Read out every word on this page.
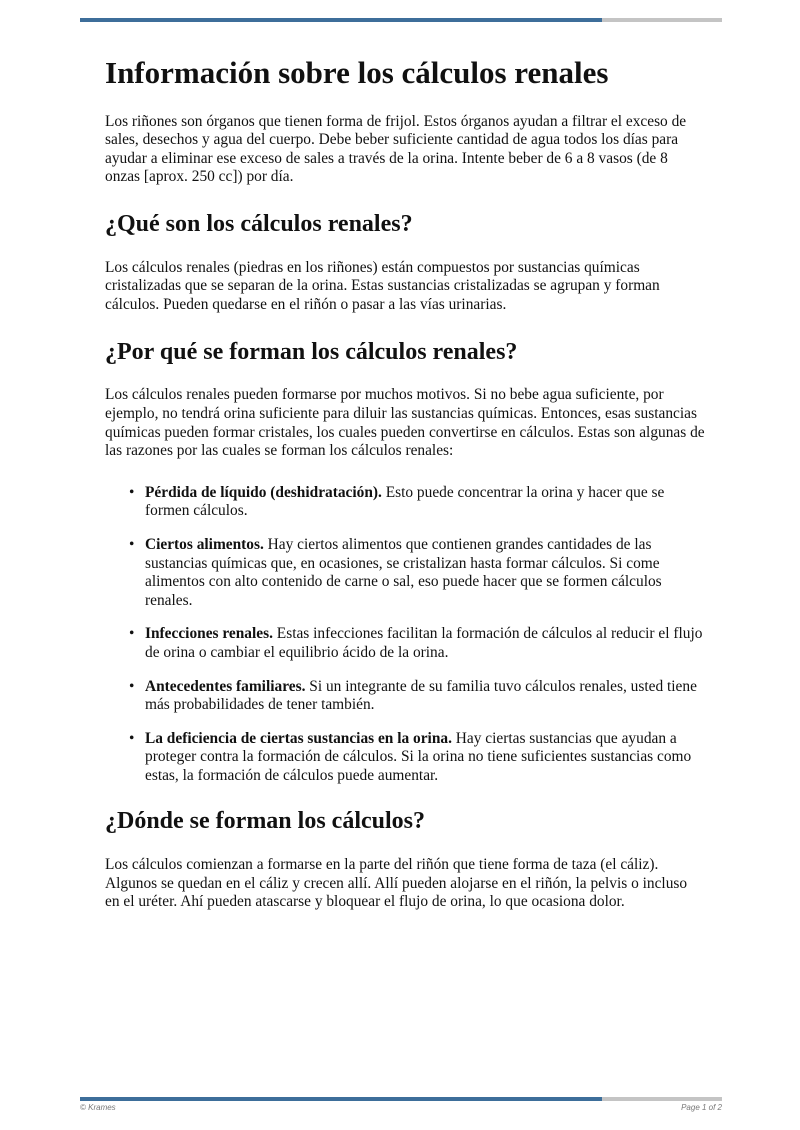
Información sobre los cálculos renales

Los riñones son órganos que tienen forma de frijol. Estos órganos ayudan a filtrar el exceso de sales, desechos y agua del cuerpo. Debe beber suficiente cantidad de agua todos los días para ayudar a eliminar ese exceso de sales a través de la orina. Intente beber de 6 a 8 vasos (de 8 onzas [aprox. 250 cc]) por día.

¿Qué son los cálculos renales?

Los cálculos renales (piedras en los riñones) están compuestos por sustancias químicas cristalizadas que se separan de la orina. Estas sustancias cristalizadas se agrupan y forman cálculos. Pueden quedarse en el riñón o pasar a las vías urinarias.

¿Por qué se forman los cálculos renales?

Los cálculos renales pueden formarse por muchos motivos. Si no bebe agua suficiente, por ejemplo, no tendrá orina suficiente para diluir las sustancias químicas. Entonces, esas sustancias químicas pueden formar cristales, los cuales pueden convertirse en cálculos. Estas son algunas de las razones por las cuales se forman los cálculos renales:

• Pérdida de líquido (deshidratación). Esto puede concentrar la orina y hacer que se formen cálculos.
• Ciertos alimentos. Hay ciertos alimentos que contienen grandes cantidades de las sustancias químicas que, en ocasiones, se cristalizan hasta formar cálculos. Si come alimentos con alto contenido de carne o sal, eso puede hacer que se formen cálculos renales.
• Infecciones renales. Estas infecciones facilitan la formación de cálculos al reducir el flujo de orina o cambiar el equilibrio ácido de la orina.
• Antecedentes familiares. Si un integrante de su familia tuvo cálculos renales, usted tiene más probabilidades de tener también.
• La deficiencia de ciertas sustancias en la orina. Hay ciertas sustancias que ayudan a proteger contra la formación de cálculos. Si la orina no tiene suficientes sustancias como estas, la formación de cálculos puede aumentar.
¿Dónde se forman los cálculos?

Los cálculos comienzan a formarse en la parte del riñón que tiene forma de taza (el cáliz). Algunos se quedan en el cáliz y crecen allí. Allí pueden alojarse en el riñón, la pelvis o incluso en el uréter. Ahí pueden atascarse y bloquear el flujo de orina, lo que ocasiona dolor.

© Krames	Page 1 of 2
